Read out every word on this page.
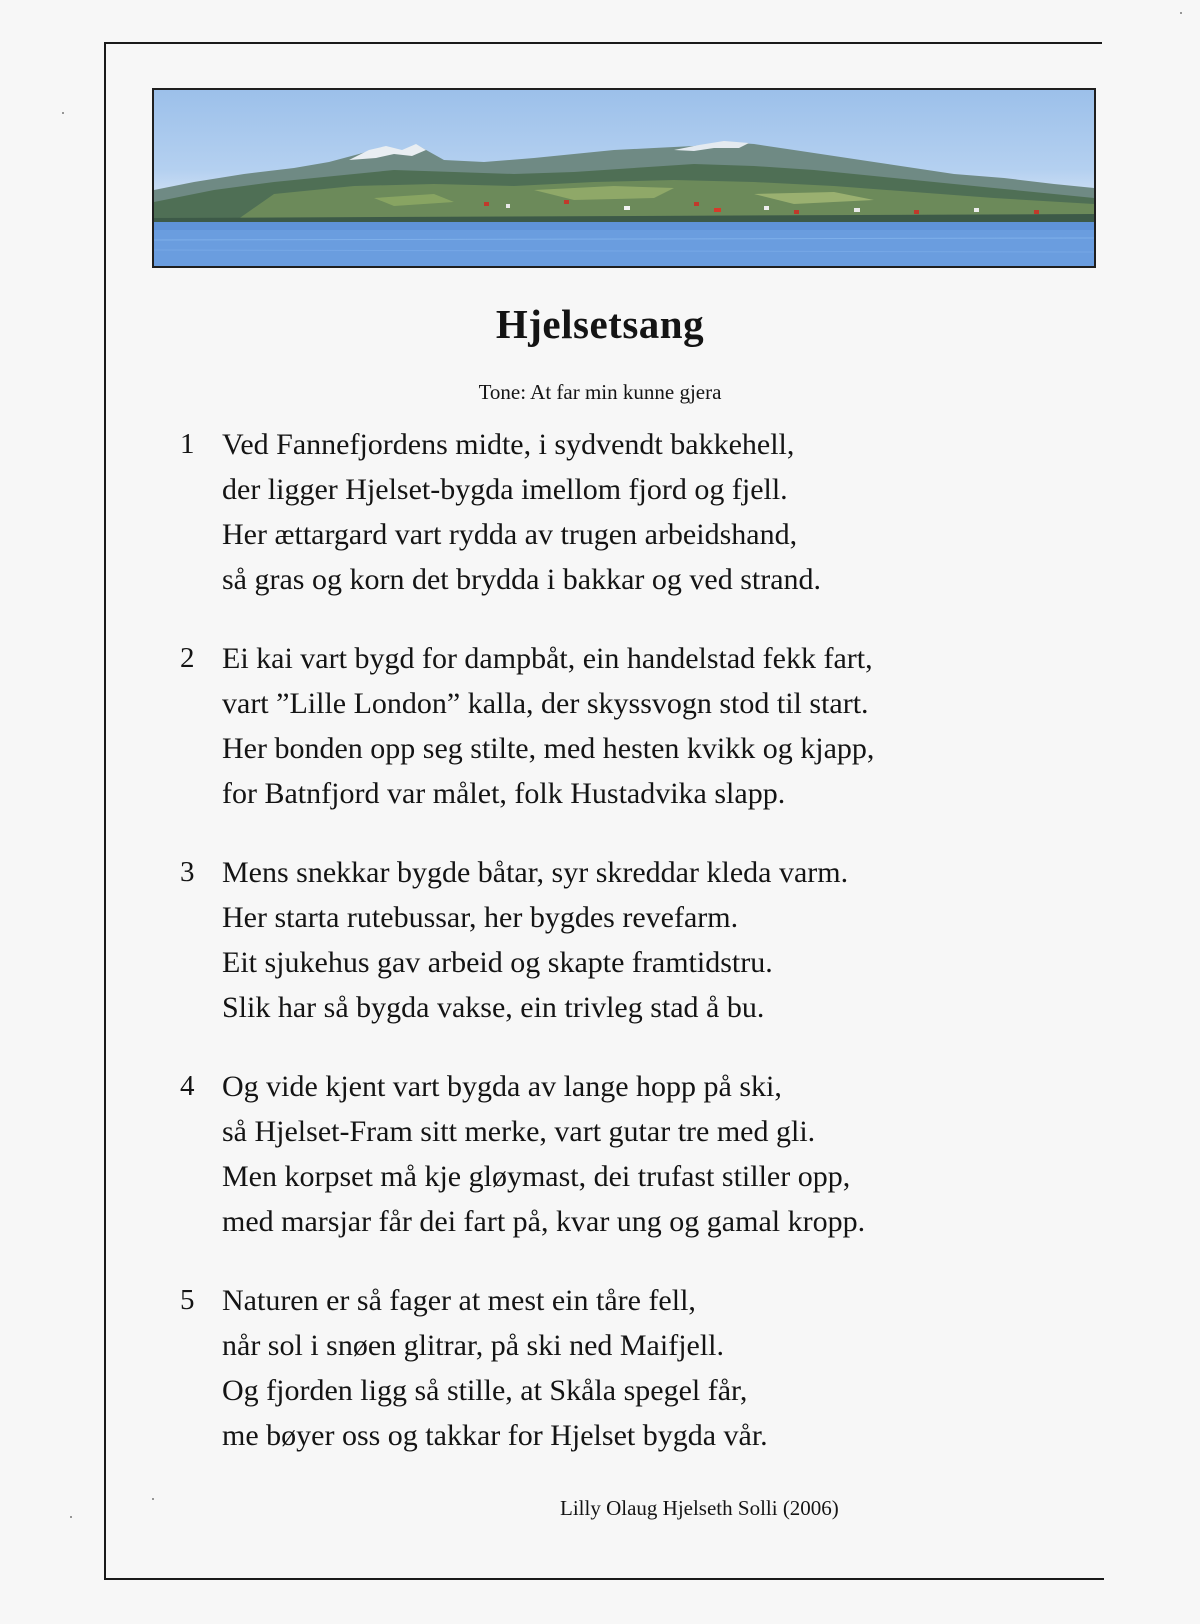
Hjelsetsang
Tone: At far min kunne gjera
1 Ved Fannefjordens midte, i sydvendt bakkehell,
der ligger Hjelset-bygda imellom fjord og fjell.
Her ættargard vart rydda av trugen arbeidshand,
så gras og korn det brydda i bakkar og ved strand.
2 Ei kai vart bygd for dampbåt, ein handelstad fekk fart,
vart ”Lille London” kalla, der skyssvogn stod til start.
Her bonden opp seg stilte, med hesten kvikk og kjapp,
for Batnfjord var målet, folk Hustadvika slapp.
3 Mens snekkar bygde båtar, syr skreddar kleda varm.
Her starta rutebussar, her bygdes revefarm.
Eit sjukehus gav arbeid og skapte framtidstru.
Slik har så bygda vakse, ein trivleg stad å bu.
4 Og vide kjent vart bygda av lange hopp på ski,
så Hjelset-Fram sitt merke, vart gutar tre med gli.
Men korpset må kje gløymast, dei trufast stiller opp,
med marsjar får dei fart på, kvar ung og gamal kropp.
5 Naturen er så fager at mest ein tåre fell,
når sol i snøen glitrar, på ski ned Maifjell.
Og fjorden ligg så stille, at Skåla spegel får,
me bøyer oss og takkar for Hjelset bygda vår.
Lilly Olaug Hjelseth Solli (2006)
